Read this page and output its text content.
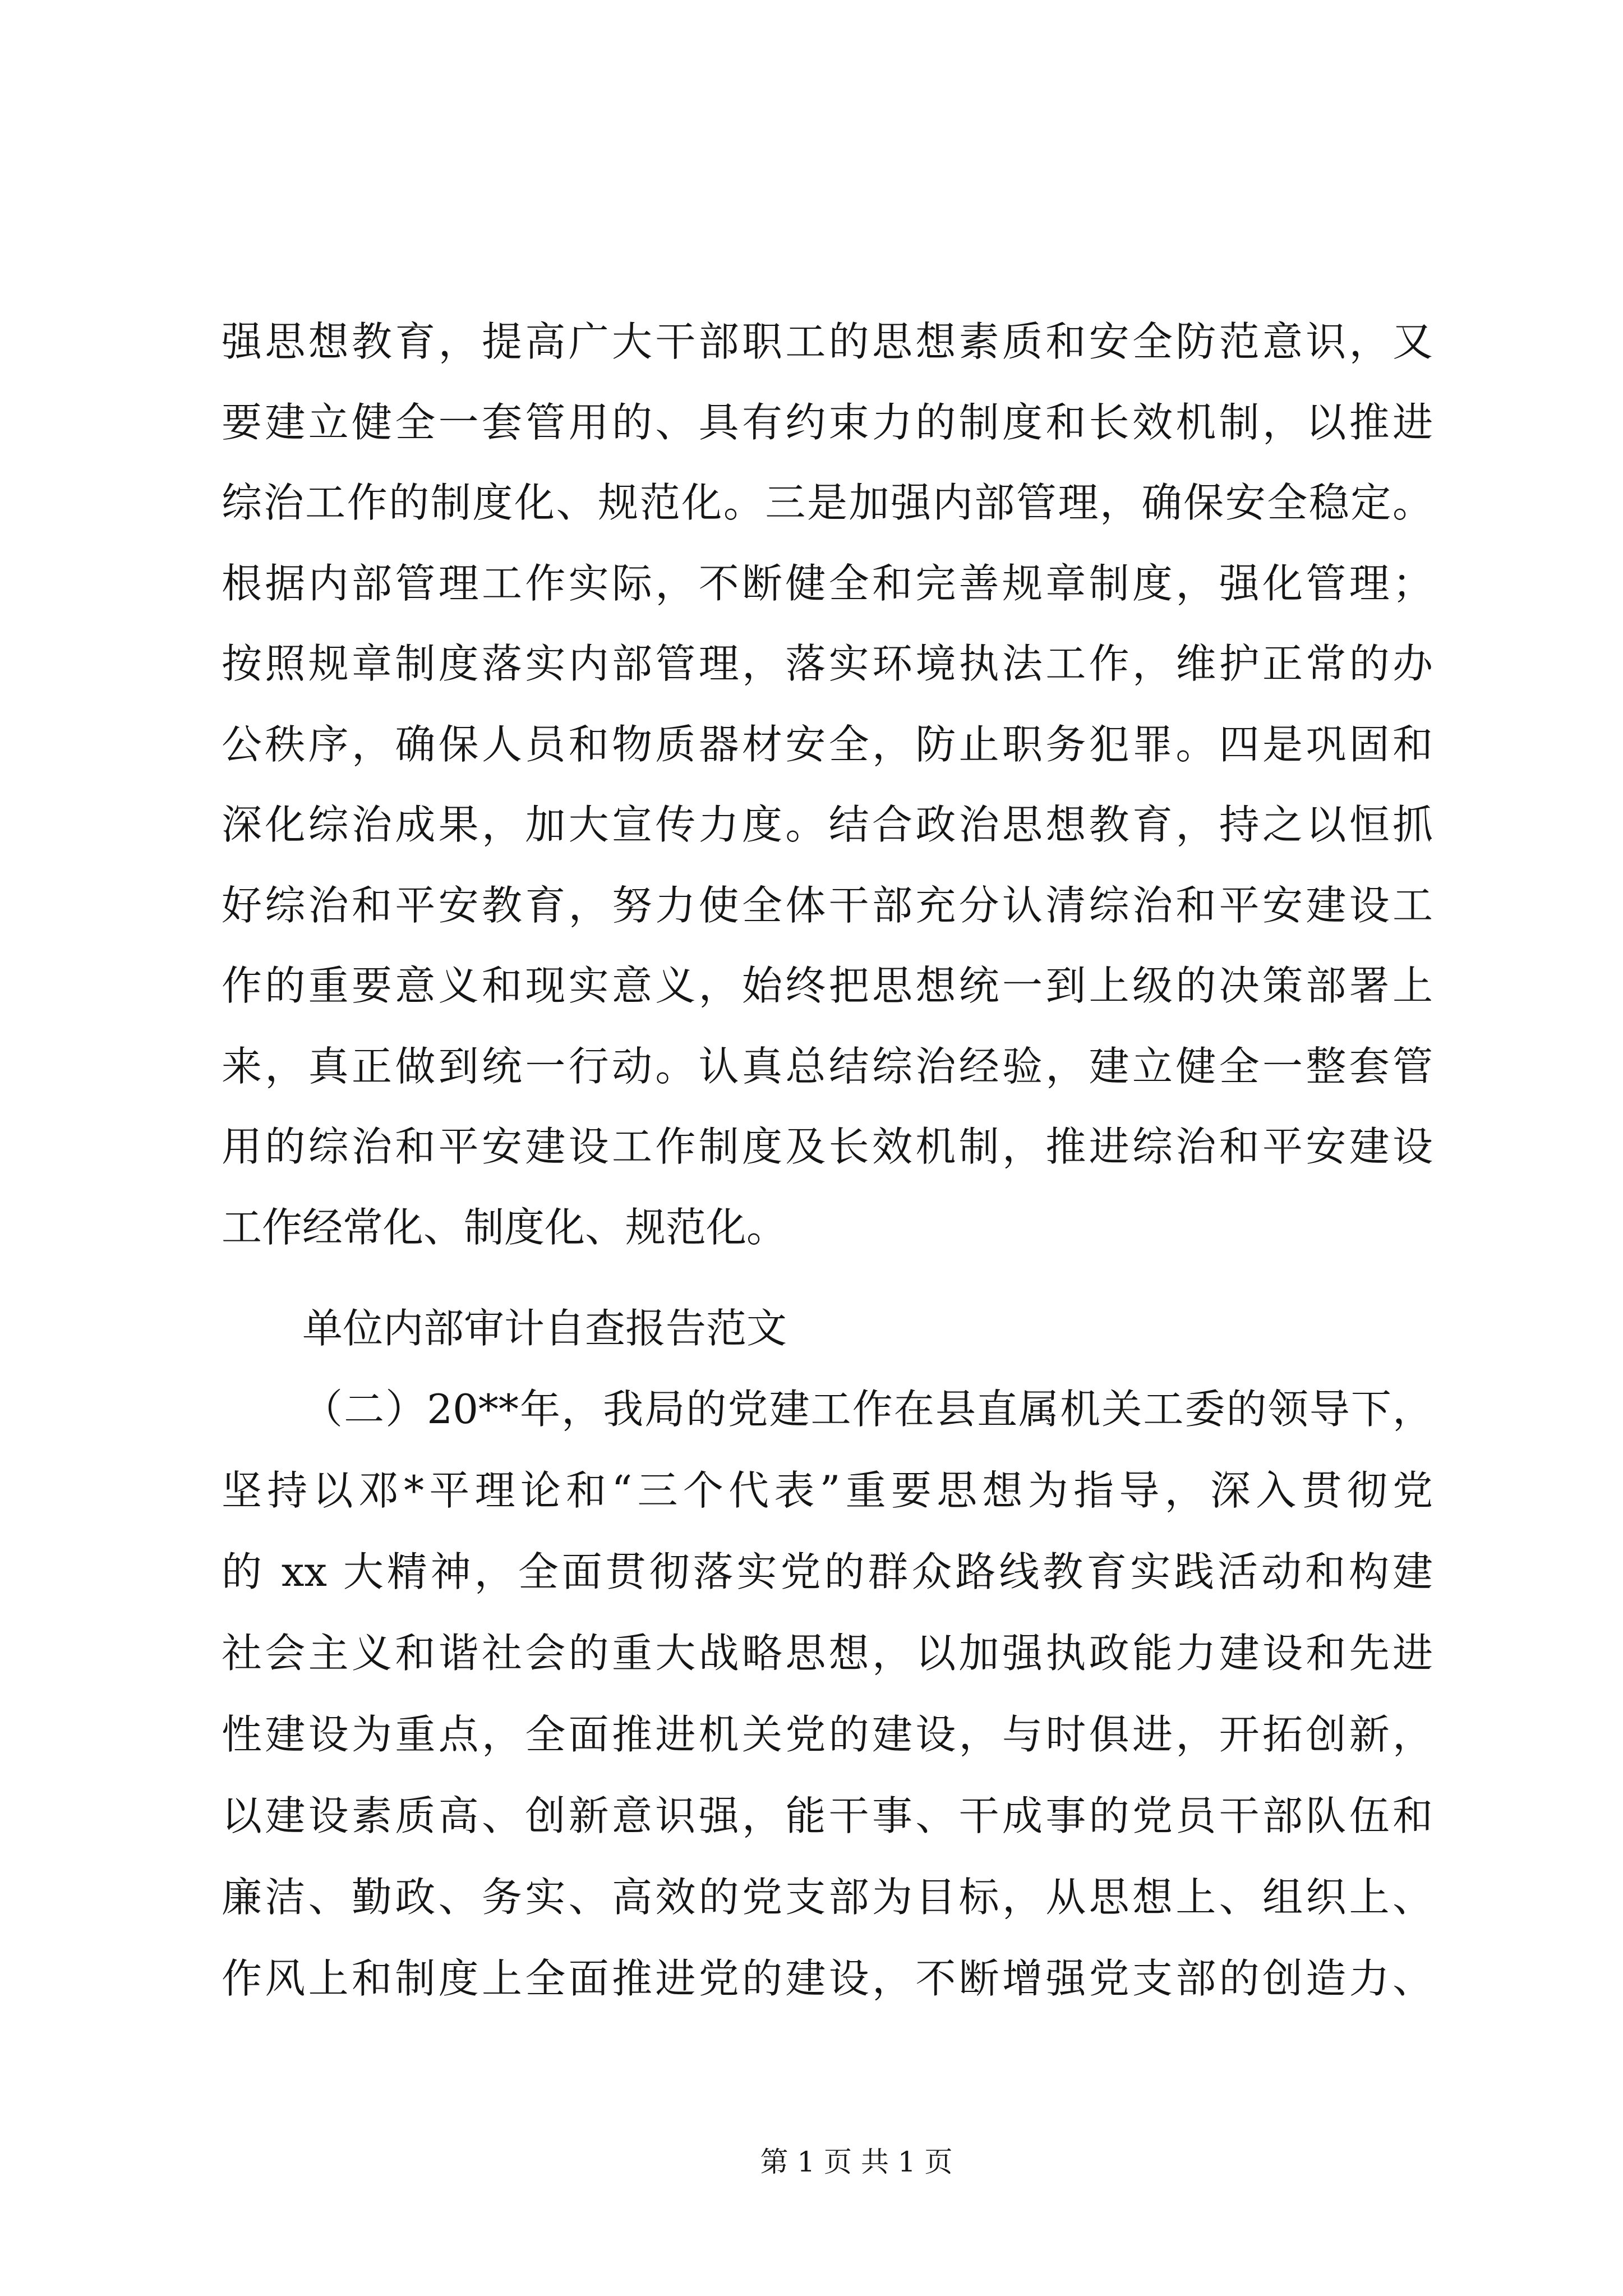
强思想教育，提高广大干部职工的思想素质和安全防范意识，又
要建立健全一套管用的、具有约束力的制度和长效机制，以推进
综治工作的制度化、规范化。三是加强内部管理，确保安全稳定。
根据内部管理工作实际，不断健全和完善规章制度，强化管理；
按照规章制度落实内部管理，落实环境执法工作，维护正常的办
公秩序，确保人员和物质器材安全，防止职务犯罪。四是巩固和
深化综治成果，加大宣传力度。结合政治思想教育，持之以恒抓
好综治和平安教育，努力使全体干部充分认清综治和平安建设工
作的重要意义和现实意义，始终把思想统一到上级的决策部署上
来，真正做到统一行动。认真总结综治经验，建立健全一整套管
用的综治和平安建设工作制度及长效机制，推进综治和平安建设
工作经常化、制度化、规范化。
单位内部审计自查报告范文
（二）20**年，我局的党建工作在县直属机关工委的领导下，
坚持以邓*平理论和“三个代表”重要思想为指导，深入贯彻党
的 xx 大精神，全面贯彻落实党的群众路线教育实践活动和构建
社会主义和谐社会的重大战略思想，以加强执政能力建设和先进
性建设为重点，全面推进机关党的建设，与时俱进，开拓创新，
以建设素质高、创新意识强，能干事、干成事的党员干部队伍和
廉洁、勤政、务实、高效的党支部为目标，从思想上、组织上、
作风上和制度上全面推进党的建设，不断增强党支部的创造力、
第 1 页 共 1 页
